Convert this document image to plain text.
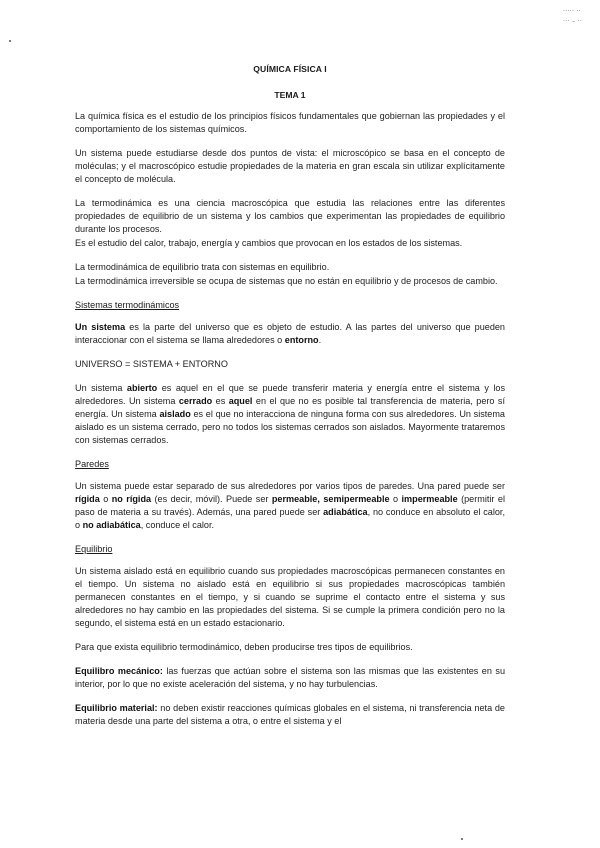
····· ··
··· – ··
QUÍMICA FÍSICA I
TEMA 1

La química física es el estudio de los principios físicos fundamentales que gobiernan las propiedades y el comportamiento de los sistemas químicos.

Un sistema puede estudiarse desde dos puntos de vista: el microscópico se basa en el concepto de moléculas; y el macroscópico estudie propiedades de la materia en gran escala sin utilizar explícitamente el concepto de molécula.

La termodinámica es una ciencia macroscópica que estudia las relaciones entre las diferentes propiedades de equilibrio de un sistema y los cambios que experimentan las propiedades de equilibrio durante los procesos.

Es el estudio del calor, trabajo, energía y cambios que provocan en los estados de los sistemas.

La termodinámica de equilibrio trata con sistemas en equilibrio.

La termodinámica irreversible se ocupa de sistemas que no están en equilibrio y de procesos de cambio.

Sistemas termodinámicos

Un sistema es la parte del universo que es objeto de estudio. A las partes del universo que pueden interaccionar con el sistema se llama alrededores o entorno.

UNIVERSO = SISTEMA + ENTORNO

Un sistema abierto es aquel en el que se puede transferir materia y energía entre el sistema y los alrededores. Un sistema cerrado es aquel en el que no es posible tal transferencia de materia, pero sí energía. Un sistema aislado es el que no interacciona de ninguna forma con sus alrededores. Un sistema aislado es un sistema cerrado, pero no todos los sistemas cerrados son aislados. Mayormente trataremos con sistemas cerrados.

Paredes

Un sistema puede estar separado de sus alrededores por varios tipos de paredes. Una pared puede ser rígida o no rígida (es decir, móvil). Puede ser permeable, semipermeable o impermeable (permitir el paso de materia a su través). Además, una pared puede ser adiabática, no conduce en absoluto el calor, o no adiabática, conduce el calor.

Equilibrio

Un sistema aislado está en equilibrio cuando sus propiedades macroscópicas permanecen constantes en el tiempo. Un sistema no aislado está en equilibrio si sus propiedades macroscópicas también permanecen constantes en el tiempo, y si cuando se suprime el contacto entre el sistema y sus alrededores no hay cambio en las propiedades del sistema. Si se cumple la primera condición pero no la segundo, el sistema está en un estado estacionario.

Para que exista equilibrio termodinámico, deben producirse tres tipos de equilibrios.

Equilibro mecánico: las fuerzas que actúan sobre el sistema son las mismas que las existentes en su interior, por lo que no existe aceleración del sistema, y no hay turbulencias.

Equilibrio material: no deben existir reacciones químicas globales en el sistema, ni transferencia neta de materia desde una parte del sistema a otra, o entre el sistema y el
